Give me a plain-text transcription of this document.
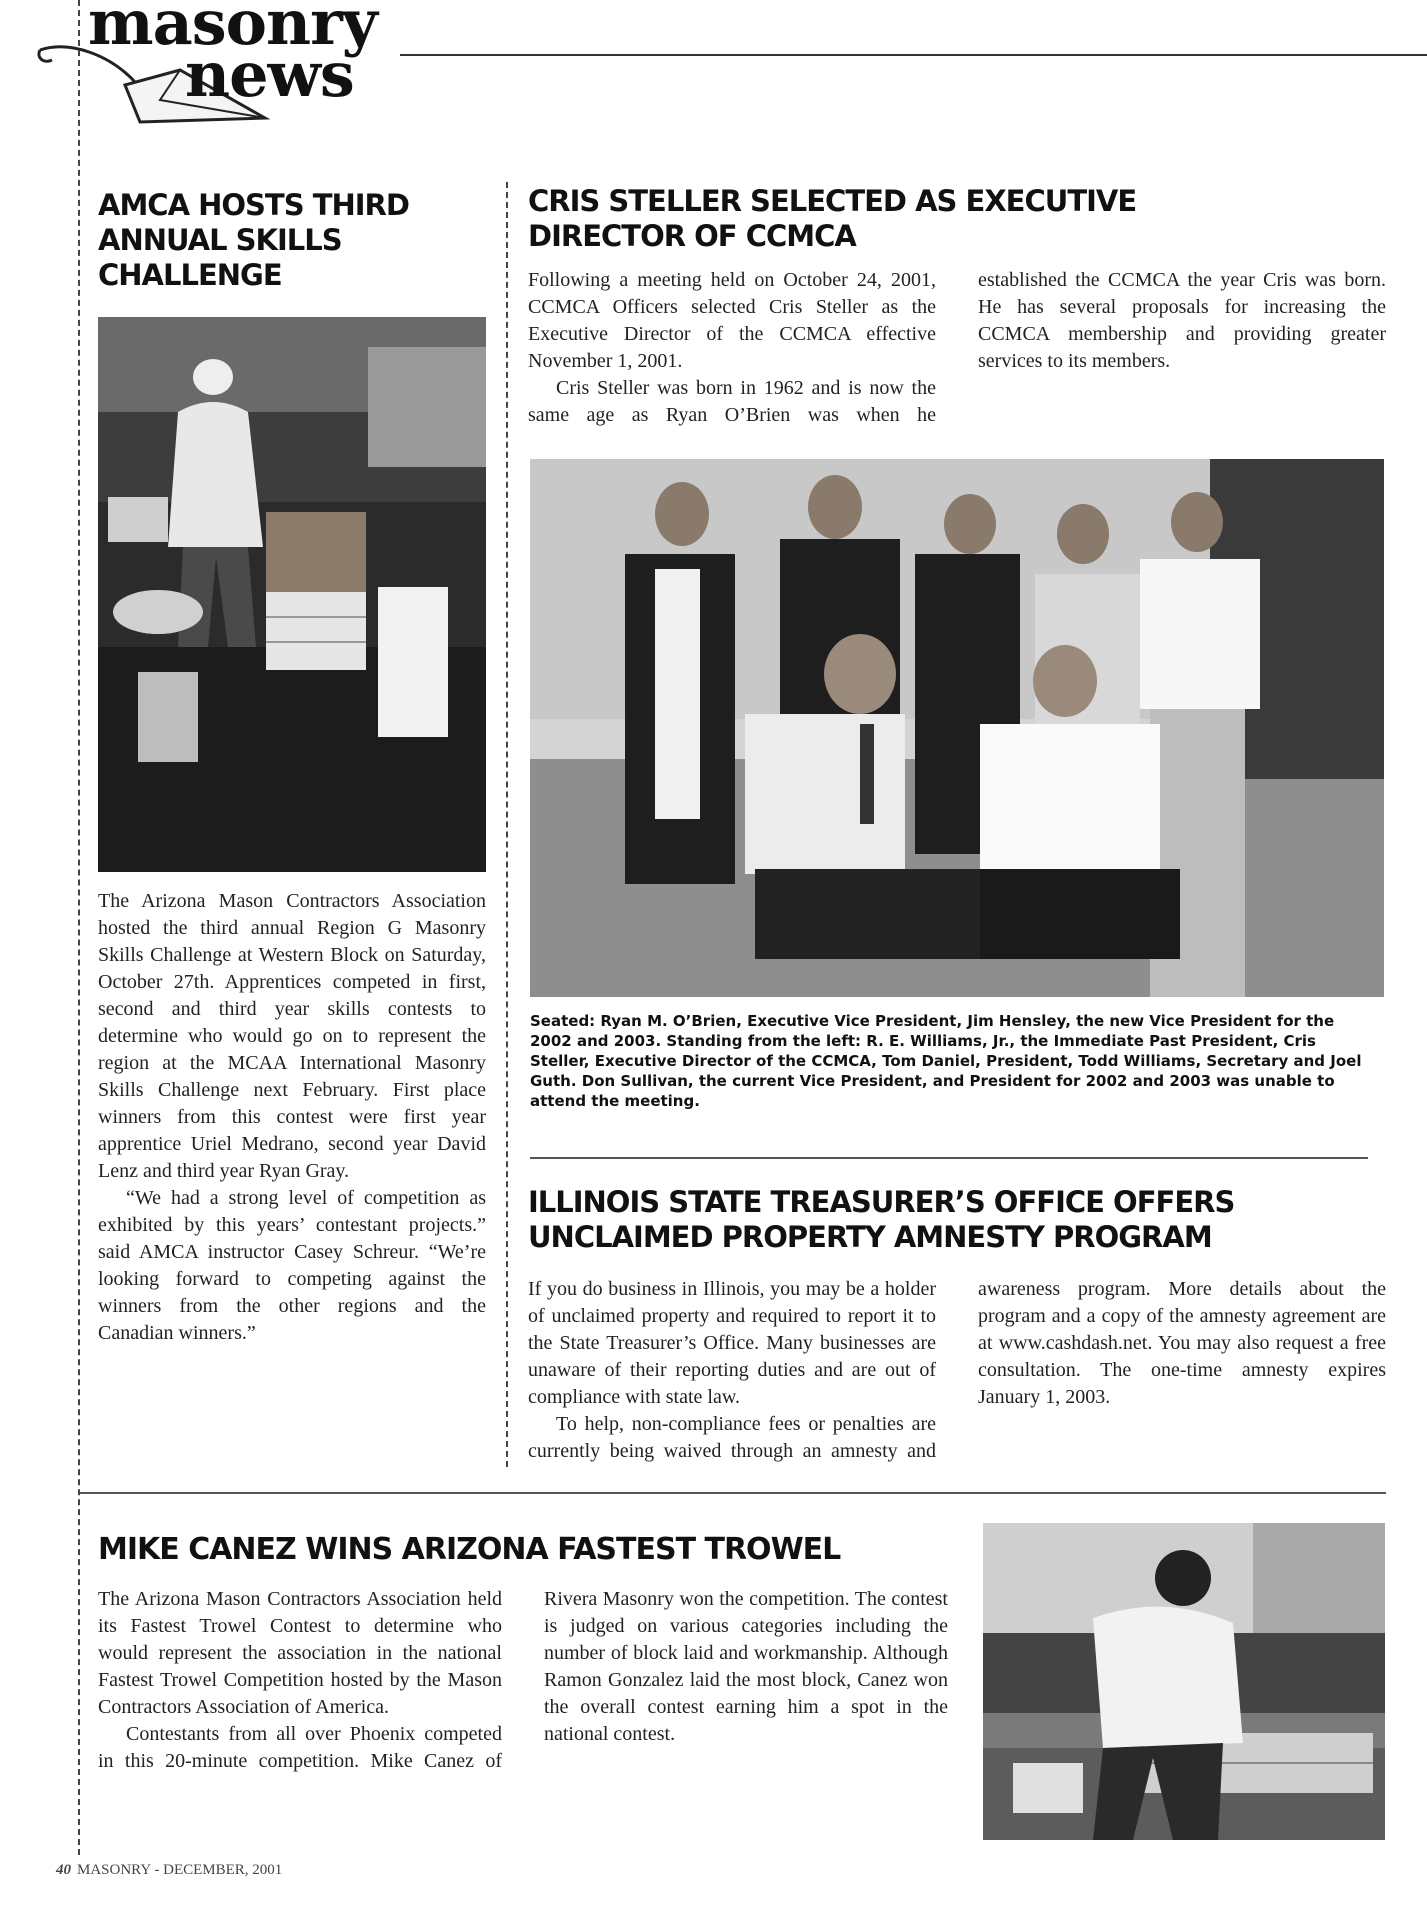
masonry
news
AMCA HOSTS THIRD ANNUAL SKILLS CHALLENGE

The Arizona Mason Contractors Association hosted the third annual Region G Masonry Skills Challenge at Western Block on Saturday, October 27th. Apprentices competed in first, second and third year skills contests to determine who would go on to represent the region at the MCAA International Masonry Skills Challenge next February. First place winners from this contest were first year apprentice Uriel Medrano, second year David Lenz and third year Ryan Gray.

“We had a strong level of competition as exhibited by this years’ contestant projects.” said AMCA instructor Casey Schreur. “We’re looking forward to competing against the winners from the other regions and the Canadian winners.”

CRIS STELLER SELECTED AS EXECUTIVE DIRECTOR OF CCMCA

Following a meeting held on October 24, 2001, CCMCA Officers selected Cris Steller as the Executive Director of the CCMCA effective November 1, 2001.

Cris Steller was born in 1962 and is now the same age as Ryan O’Brien was when he established the CCMCA the year Cris was born. He has several proposals for increasing the CCMCA membership and providing greater services to its members.

Seated: Ryan M. O’Brien, Executive Vice President, Jim Hensley, the new Vice President for the 2002 and 2003. Standing from the left: R. E. Williams, Jr., the Immediate Past President, Cris Steller, Executive Director of the CCMCA, Tom Daniel, President, Todd Williams, Secretary and Joel Guth. Don Sullivan, the current Vice President, and President for 2002 and 2003 was unable to attend the meeting.

ILLINOIS STATE TREASURER’S OFFICE OFFERS UNCLAIMED PROPERTY AMNESTY PROGRAM

If you do business in Illinois, you may be a holder of unclaimed property and required to report it to the State Treasurer’s Office. Many businesses are unaware of their reporting duties and are out of compliance with state law.

To help, non-compliance fees or penalties are currently being waived through an amnesty and awareness program. More details about the program and a copy of the amnesty agreement are at www.cashdash.net. You may also request a free consultation. The one-time amnesty expires January 1, 2003.

MIKE CANEZ WINS ARIZONA FASTEST TROWEL

The Arizona Mason Contractors Association held its Fastest Trowel Contest to determine who would represent the association in the national Fastest Trowel Competition hosted by the Mason Contractors Association of America.

Contestants from all over Phoenix competed in this 20-minute competition. Mike Canez of Rivera Masonry won the competition. The contest is judged on various categories including the number of block laid and workmanship. Although Ramon Gonzalez laid the most block, Canez won the overall contest earning him a spot in the national contest.

40 MASONRY - DECEMBER, 2001
